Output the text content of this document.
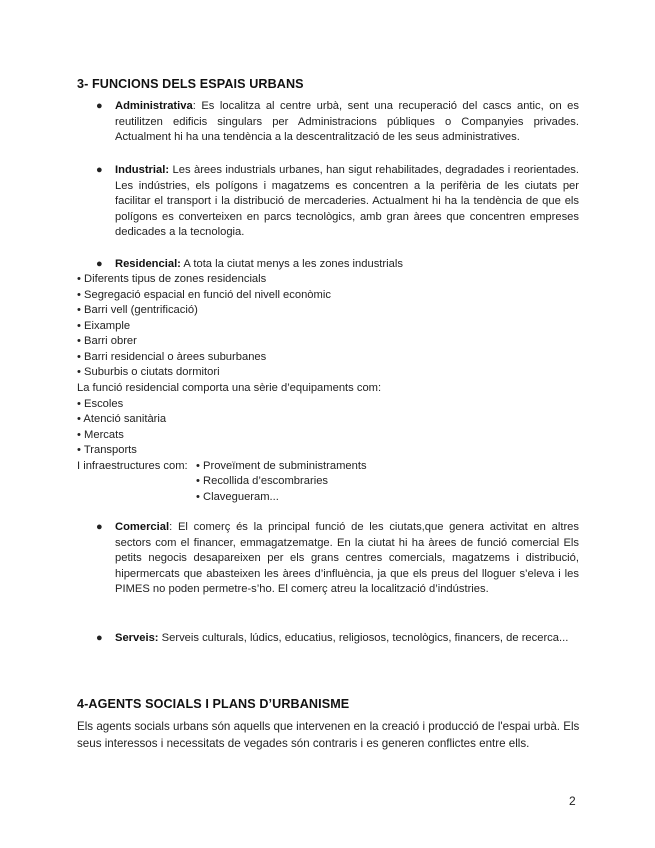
3- FUNCIONS DELS ESPAIS URBANS
● Administrativa: Es localitza al centre urbà, sent una recuperació del cascs antic, on es reutilitzen edificis singulars per Administracions públiques o Companyies privades. Actualment hi ha una tendència a la descentralització de les seus administratives.

● Industrial: Les àrees industrials urbanes, han sigut rehabilitades, degradades i reorientades. Les indústries, els polígons i magatzems es concentren a la perifèria de les ciutats per facilitar el transport i la distribució de mercaderies. Actualment hi ha la tendència de que els polígons es converteixen en parcs tecnològics, amb gran àrees que concentren empreses dedicades a la tecnologia.

● Residencial: A tota la ciutat menys a les zones industrials

• Diferents tipus de zones residencials
• Segregació espacial en funció del nivell econòmic
• Barri vell (gentrificació)
• Eixample
• Barri obrer
• Barri residencial o àrees suburbanes
• Suburbis o ciutats dormitori
La funció residencial comporta una sèrie d’equipaments com:
• Escoles
• Atenció sanitària
• Mercats
• Transports
I infraestructures com: • Proveïment de subministraments
• Recollida d’escombraries
• Clavegueram...
● Comercial: El comerç és la principal funció de les ciutats,que genera activitat en altres sectors com el financer, emmagatzematge. En la ciutat hi ha àrees de funció comercial Els petits negocis desapareixen per els grans centres comercials, magatzems i distribució, hipermercats que abasteixen les àrees d’influència, ja que els preus del lloguer s’eleva i les PIMES no poden permetre-s’ho. El comerç atreu la localització d’indústries.

● Serveis: Serveis culturals, lúdics, educatius, religiosos, tecnològics, financers, de recerca...

4-AGENTS SOCIALS I PLANS D’URBANISME

Els agents socials urbans són aquells que intervenen en la creació i producció de l'espai urbà. Els seus interessos i necessitats de vegades són contraris i es generen conflictes entre ells.

2
